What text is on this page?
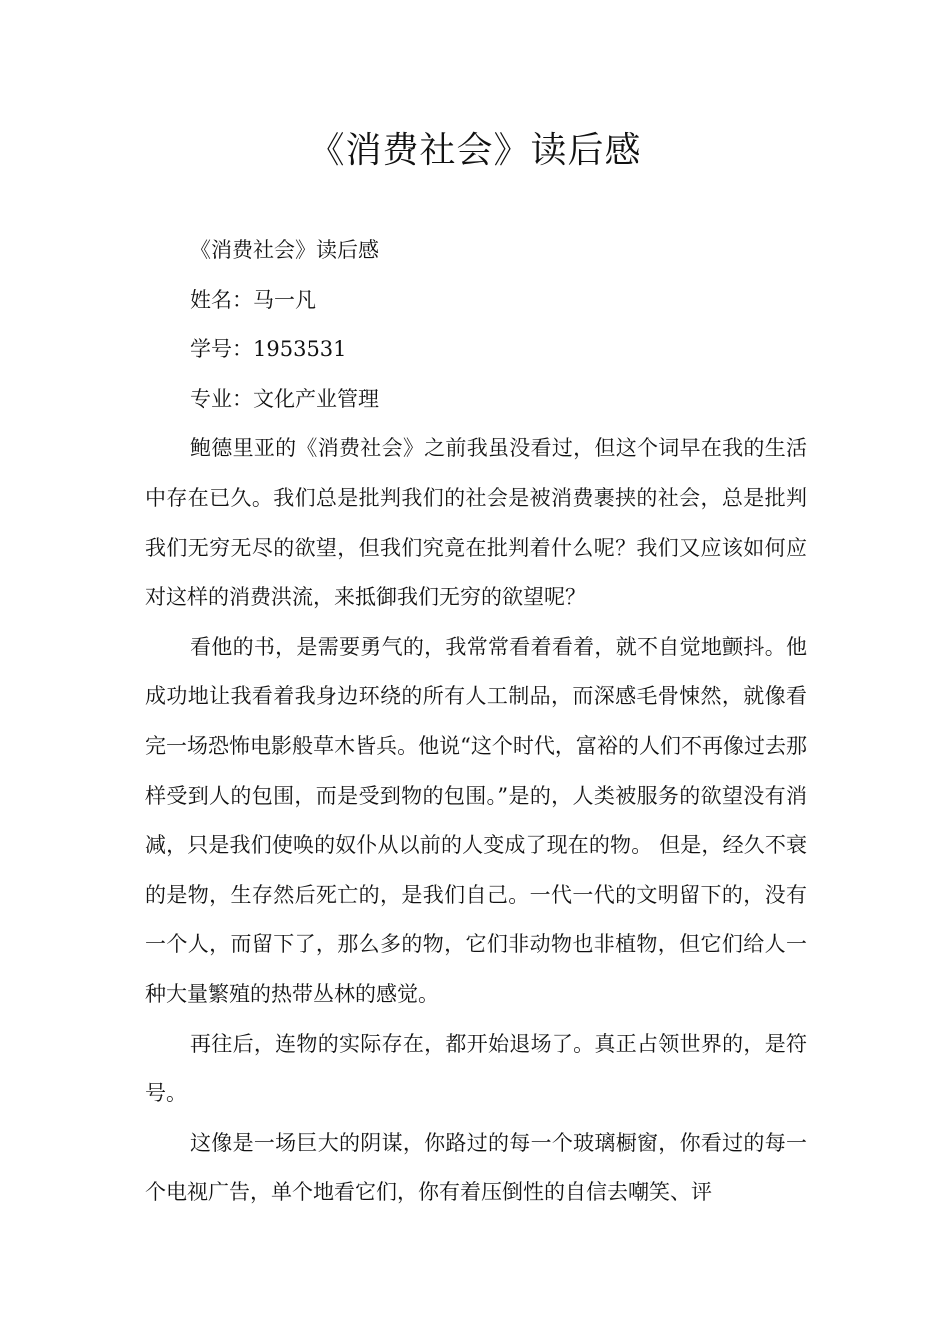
《消费社会》读后感

《消费社会》读后感

姓名：马一凡

学号：1953531

专业：文化产业管理

鲍德里亚的《消费社会》之前我虽没看过，但这个词早在我的生活中存在已久。我们总是批判我们的社会是被消费裹挟的社会，总是批判我们无穷无尽的欲望，但我们究竟在批判着什么呢？我们又应该如何应对这样的消费洪流，来抵御我们无穷的欲望呢？

看他的书，是需要勇气的，我常常看着看着，就不自觉地颤抖。他成功地让我看着我身边环绕的所有人工制品，而深感毛骨悚然，就像看完一场恐怖电影般草木皆兵。他说“这个时代，富裕的人们不再像过去那样受到人的包围，而是受到物的包围。”是的，人类被服务的欲望没有消减，只是我们使唤的奴仆从以前的人变成了现在的物。 但是，经久不衰的是物，生存然后死亡的，是我们自己。一代一代的文明留下的，没有一个人，而留下了，那么多的物，它们非动物也非植物，但它们给人一种大量繁殖的热带丛林的感觉。

再往后，连物的实际存在，都开始退场了。真正占领世界的，是符号。

这像是一场巨大的阴谋，你路过的每一个玻璃橱窗，你看过的每一个电视广告，单个地看它们，你有着压倒性的自信去嘲笑、评
